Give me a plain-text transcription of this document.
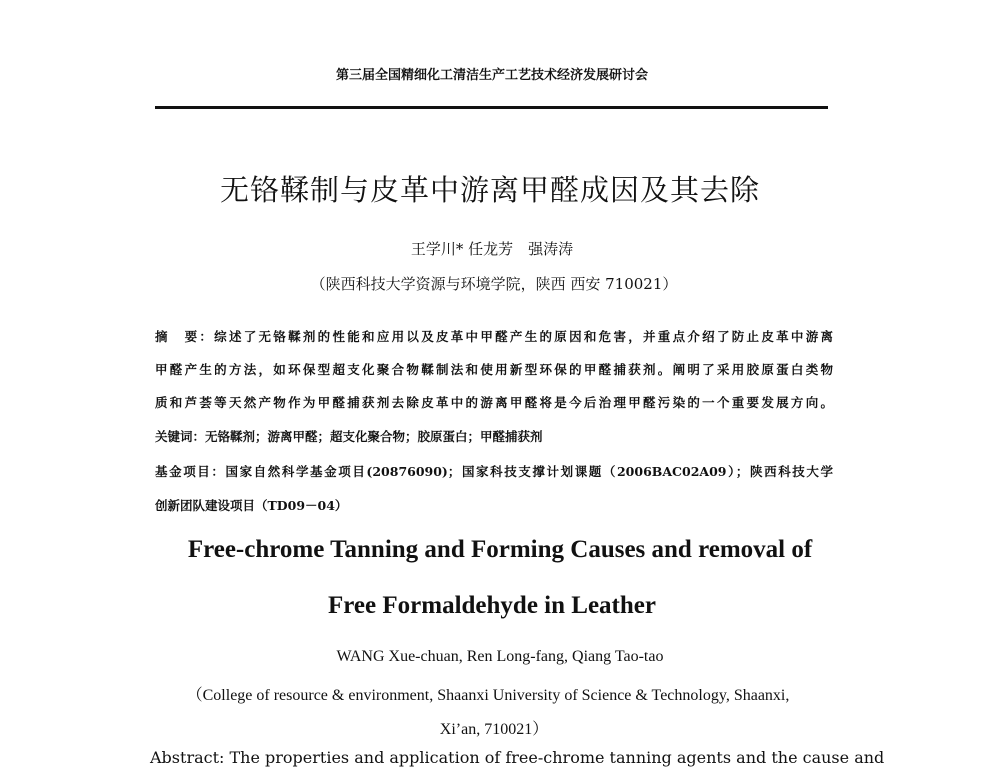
第三届全国精细化工清洁生产工艺技术经济发展研讨会
无铬鞣制与皮革中游离甲醛成因及其去除
王学川* 任龙芳　强涛涛
（陕西科技大学资源与环境学院，陕西 西安 710021）
摘　要：综述了无铬鞣剂的性能和应用以及皮革中甲醛产生的原因和危害，并重点介绍了防止皮革中游离
甲醛产生的方法，如环保型超支化聚合物鞣制法和使用新型环保的甲醛捕获剂。阐明了采用胶原蛋白类物
质和芦荟等天然产物作为甲醛捕获剂去除皮革中的游离甲醛将是今后治理甲醛污染的一个重要发展方向。
关键词：无铬鞣剂；游离甲醛；超支化聚合物；胶原蛋白；甲醛捕获剂
基金项目：国家自然科学基金项目(20876090)；国家科技支撑计划课题（2006BAC02A09）；陕西科技大学
创新团队建设项目（TD09－04）
Free-chrome Tanning and Forming Causes and removal of
Free Formaldehyde in Leather
WANG Xue-chuan, Ren Long-fang, Qiang Tao-tao
（College of resource & environment, Shaanxi University of Science & Technology, Shaanxi,
Xi’an, 710021）
Abstract: The properties and application of free-chrome tanning agents and the cause and
